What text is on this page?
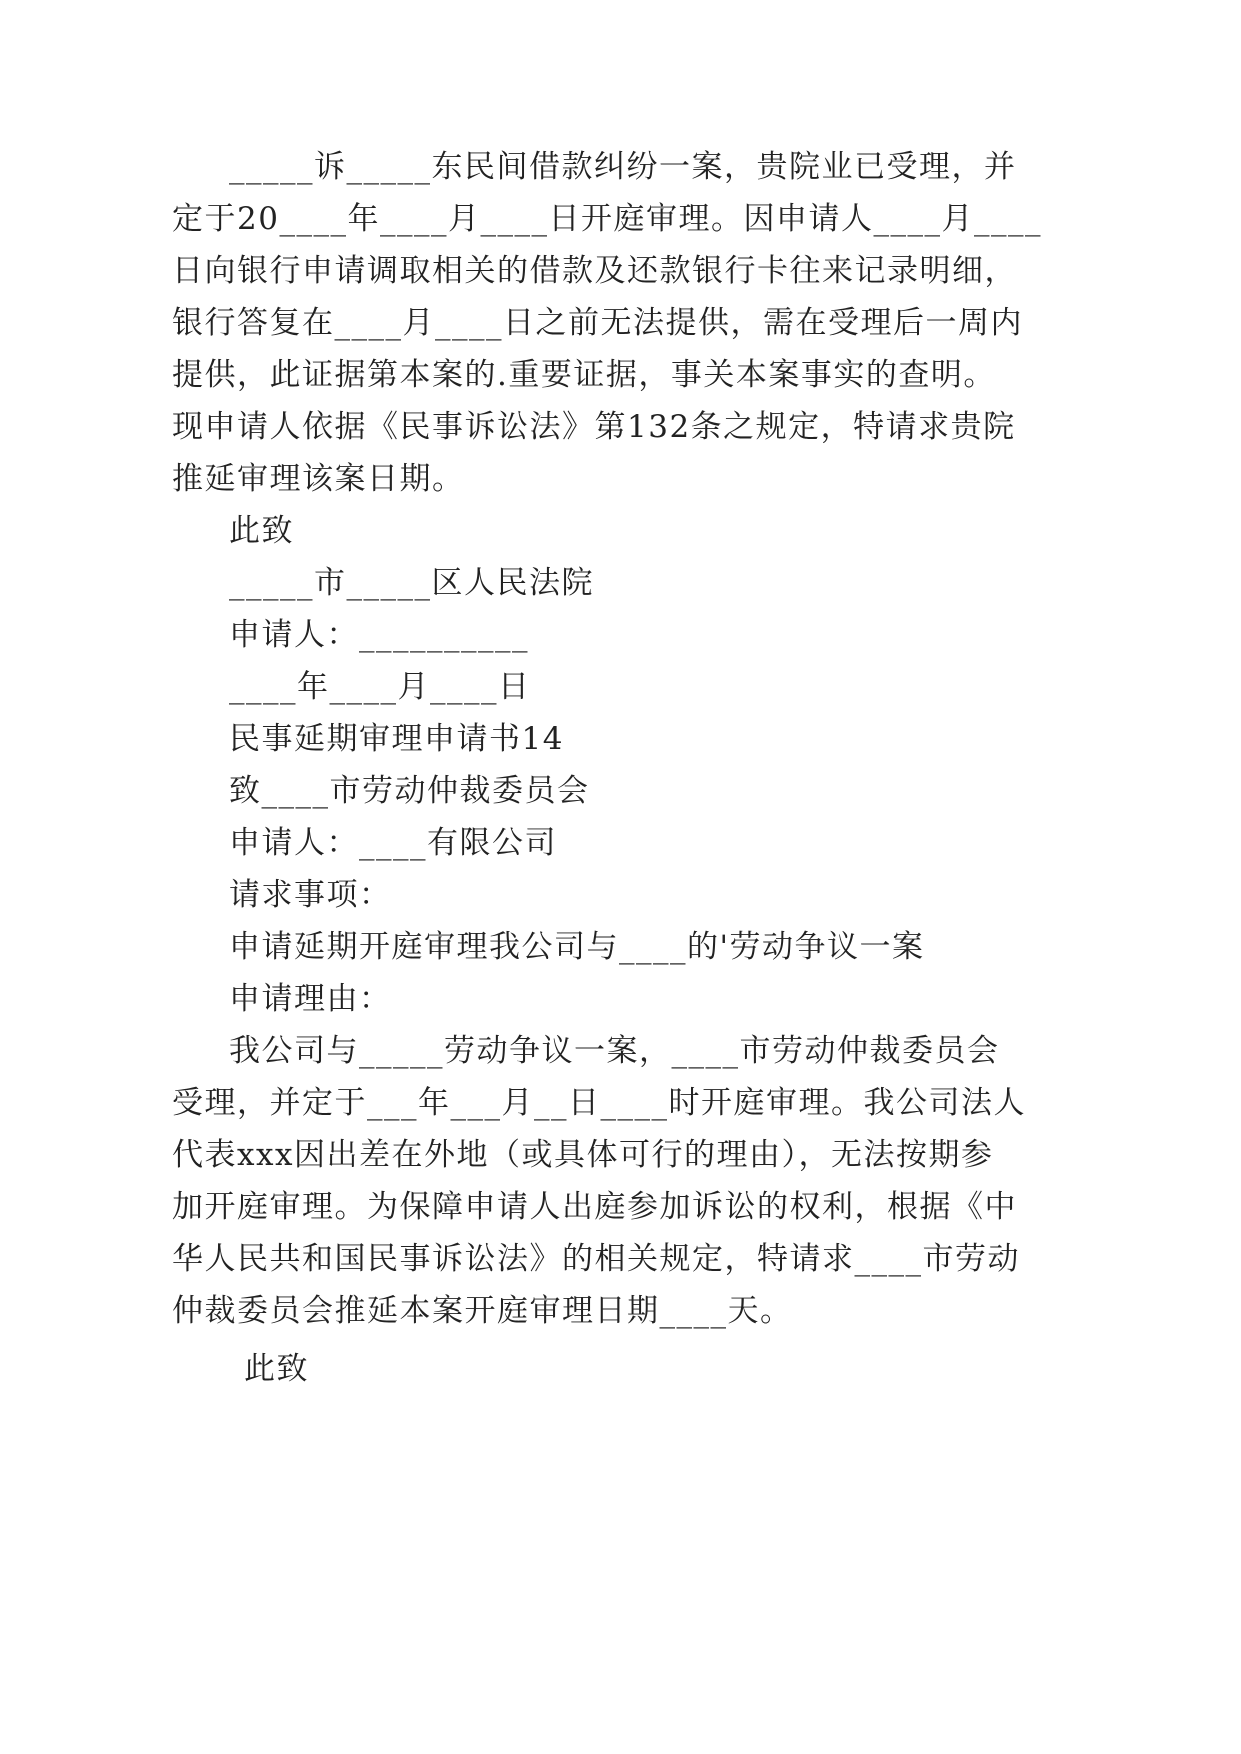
_____诉_____东民间借款纠纷一案，贵院业已受理，并
定于20____年____月____日开庭审理。因申请人____月____
日向银行申请调取相关的借款及还款银行卡往来记录明细，
银行答复在____月____日之前无法提供，需在受理后一周内
提供，此证据第本案的.重要证据，事关本案事实的查明。
现申请人依据《民事诉讼法》第132条之规定，特请求贵院
推延审理该案日期。
此致
_____市_____区人民法院
申请人：__________
____年____月____日
民事延期审理申请书14
致____市劳动仲裁委员会
申请人：____有限公司
请求事项：
申请延期开庭审理我公司与____的'劳动争议一案
申请理由：
我公司与_____劳动争议一案，____市劳动仲裁委员会
受理，并定于___年___月__日____时开庭审理。我公司法人
代表xxx因出差在外地（或具体可行的理由），无法按期参
加开庭审理。为保障申请人出庭参加诉讼的权利，根据《中
华人民共和国民事诉讼法》的相关规定，特请求____市劳动
仲裁委员会推延本案开庭审理日期____天。
此致
